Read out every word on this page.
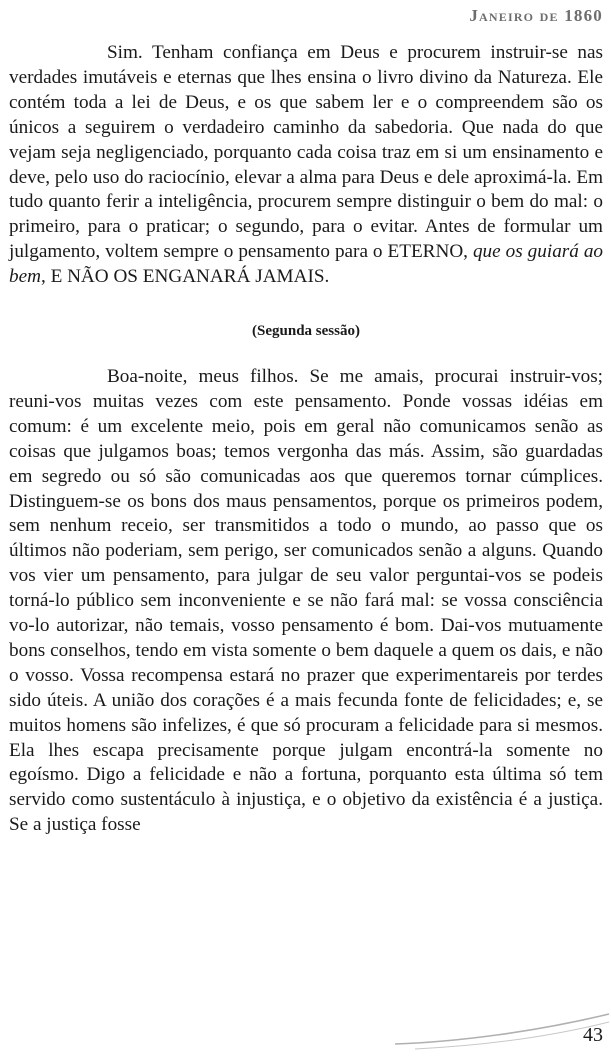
Janeiro de 1860

Sim. Tenham confiança em Deus e procurem instruir-se nas verdades imutáveis e eternas que lhes ensina o livro divino da Natureza. Ele contém toda a lei de Deus, e os que sabem ler e o compreendem são os únicos a seguirem o verdadeiro caminho da sabedoria. Que nada do que vejam seja negligenciado, porquanto cada coisa traz em si um ensinamento e deve, pelo uso do raciocínio, elevar a alma para Deus e dele aproximá-la. Em tudo quanto ferir a inteligência, procurem sempre distinguir o bem do mal: o primeiro, para o praticar; o segundo, para o evitar. Antes de formular um julgamento, voltem sempre o pensamento para o ETERNO, que os guiará ao bem, E NÃO OS ENGANARÁ JAMAIS.

(Segunda sessão)

Boa-noite, meus filhos. Se me amais, procurai instruir-vos; reuni-vos muitas vezes com este pensamento. Ponde vossas idéias em comum: é um excelente meio, pois em geral não comunicamos senão as coisas que julgamos boas; temos vergonha das más. Assim, são guardadas em segredo ou só são comunicadas aos que queremos tornar cúmplices. Distinguem-se os bons dos maus pensamentos, porque os primeiros podem, sem nenhum receio, ser transmitidos a todo o mundo, ao passo que os últimos não poderiam, sem perigo, ser comunicados senão a alguns. Quando vos vier um pensamento, para julgar de seu valor perguntai-vos se podeis torná-lo público sem inconveniente e se não fará mal: se vossa consciência vo-lo autorizar, não temais, vosso pensamento é bom. Dai-vos mutuamente bons conselhos, tendo em vista somente o bem daquele a quem os dais, e não o vosso. Vossa recompensa estará no prazer que experimentareis por terdes sido úteis. A união dos corações é a mais fecunda fonte de felicidades; e, se muitos homens são infelizes, é que só procuram a felicidade para si mesmos. Ela lhes escapa precisamente porque julgam encontrá-la somente no egoísmo. Digo a felicidade e não a fortuna, porquanto esta última só tem servido como sustentáculo à injustiça, e o objetivo da existência é a justiça. Se a justiça fosse

43
